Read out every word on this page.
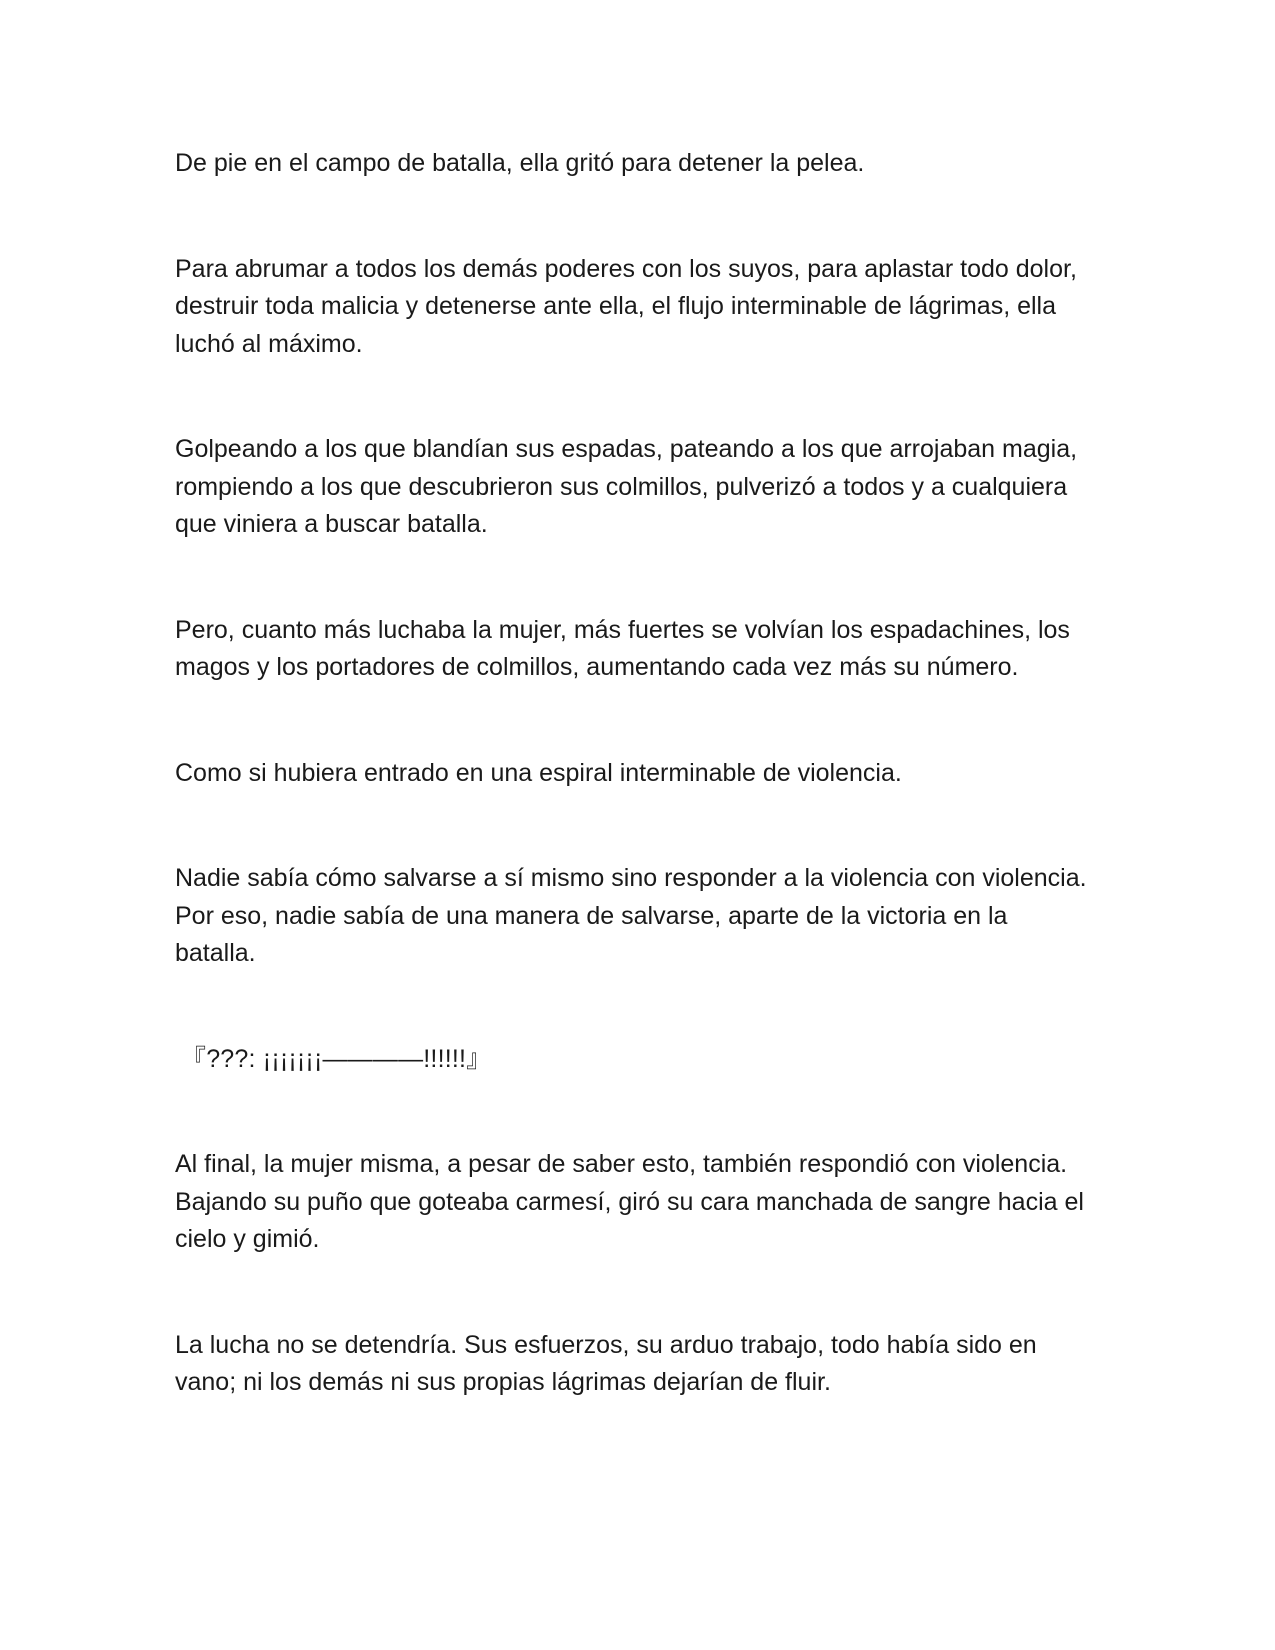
De pie en el campo de batalla, ella gritó para detener la pelea.

Para abrumar a todos los demás poderes con los suyos, para aplastar todo dolor, destruir toda malicia y detenerse ante ella, el flujo interminable de lágrimas, ella luchó al máximo.

Golpeando a los que blandían sus espadas, pateando a los que arrojaban magia, rompiendo a los que descubrieron sus colmillos, pulverizó a todos y a cualquiera que viniera a buscar batalla.

Pero, cuanto más luchaba la mujer, más fuertes se volvían los espadachines, los magos y los portadores de colmillos, aumentando cada vez más su número.

Como si hubiera entrado en una espiral interminable de violencia.

Nadie sabía cómo salvarse a sí mismo sino responder a la violencia con violencia. Por eso, nadie sabía de una manera de salvarse, aparte de la victoria en la batalla.

『???: ¡¡¡¡¡¡¡————!!!!!!』

Al final, la mujer misma, a pesar de saber esto, también respondió con violencia. Bajando su puño que goteaba carmesí, giró su cara manchada de sangre hacia el cielo y gimió.

La lucha no se detendría. Sus esfuerzos, su arduo trabajo, todo había sido en vano; ni los demás ni sus propias lágrimas dejarían de fluir.
